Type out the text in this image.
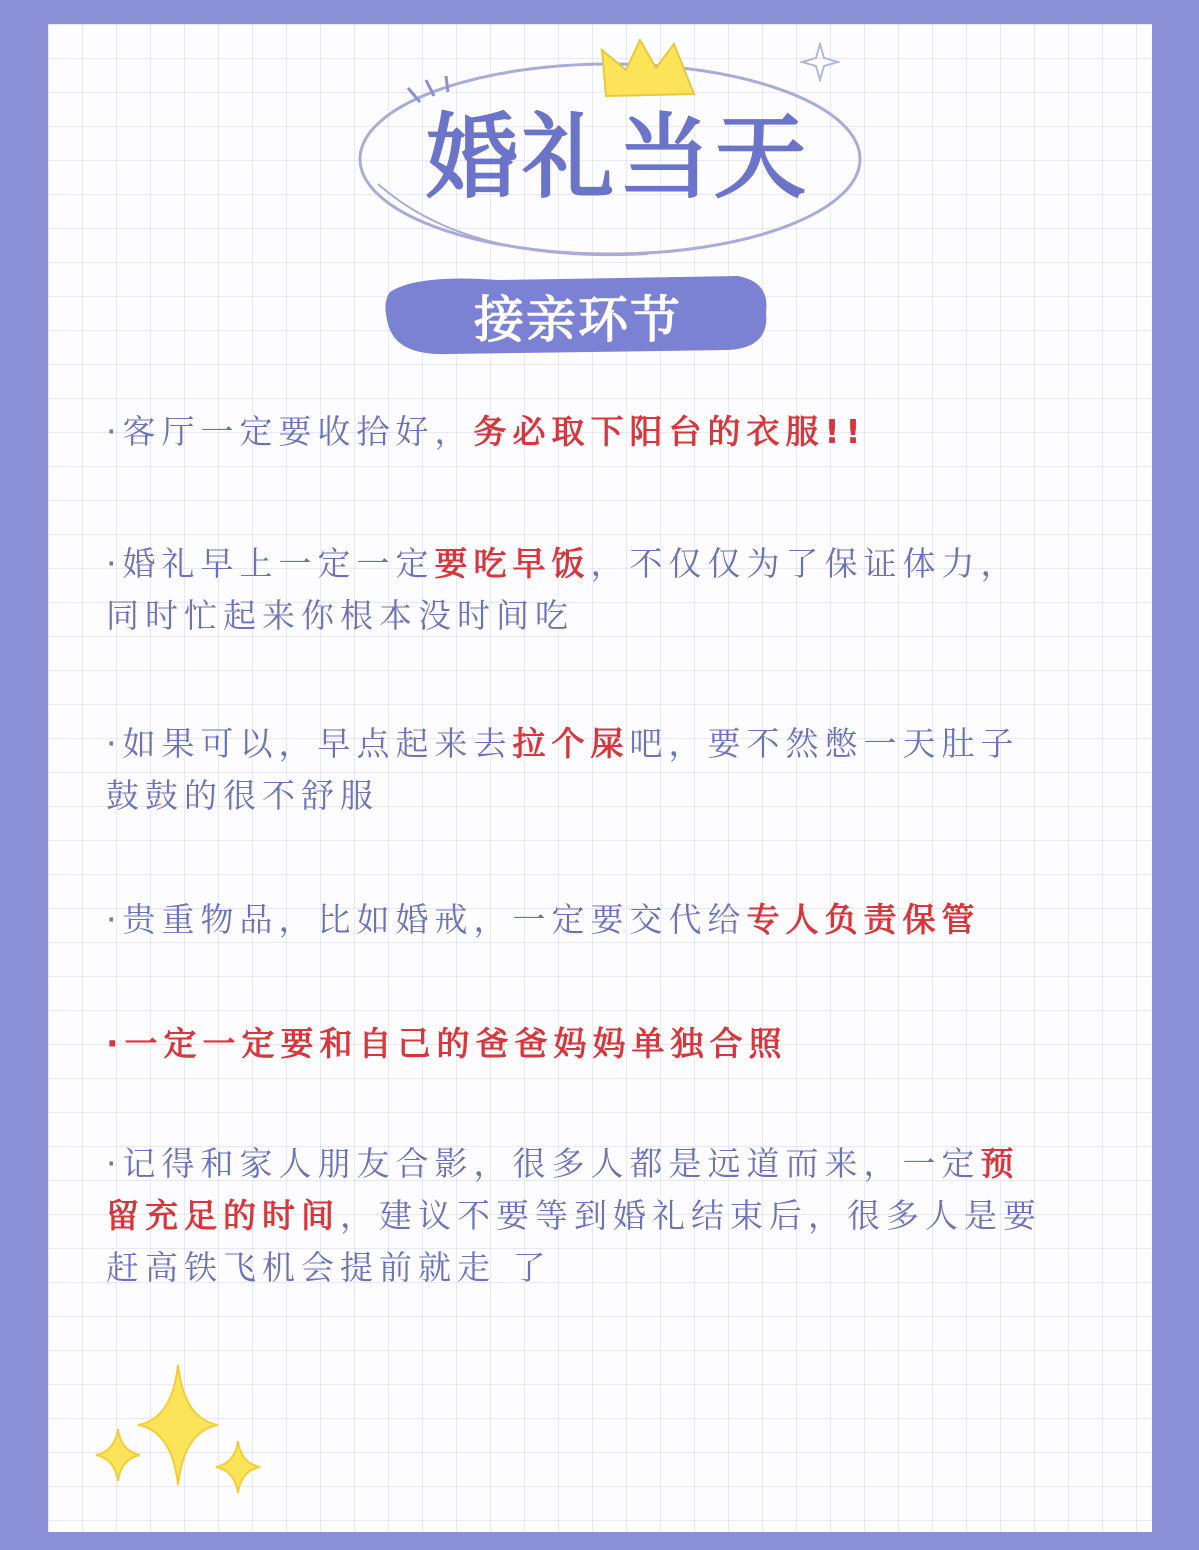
婚礼当天
接亲环节
·客厅一定要收拾好，务必取下阳台的衣服!!
·婚礼早上一定一定要吃早饭，不仅仅为了保证体力，
同时忙起来你根本没时间吃
·如果可以，早点起来去拉个屎吧，要不然憋一天肚子
鼓鼓的很不舒服
·贵重物品，比如婚戒，一定要交代给专人负责保管
·一定一定要和自己的爸爸妈妈单独合照
·记得和家人朋友合影，很多人都是远道而来，一定预
留充足的时间，建议不要等到婚礼结束后，很多人是要
赶高铁飞机会提前就走 了
